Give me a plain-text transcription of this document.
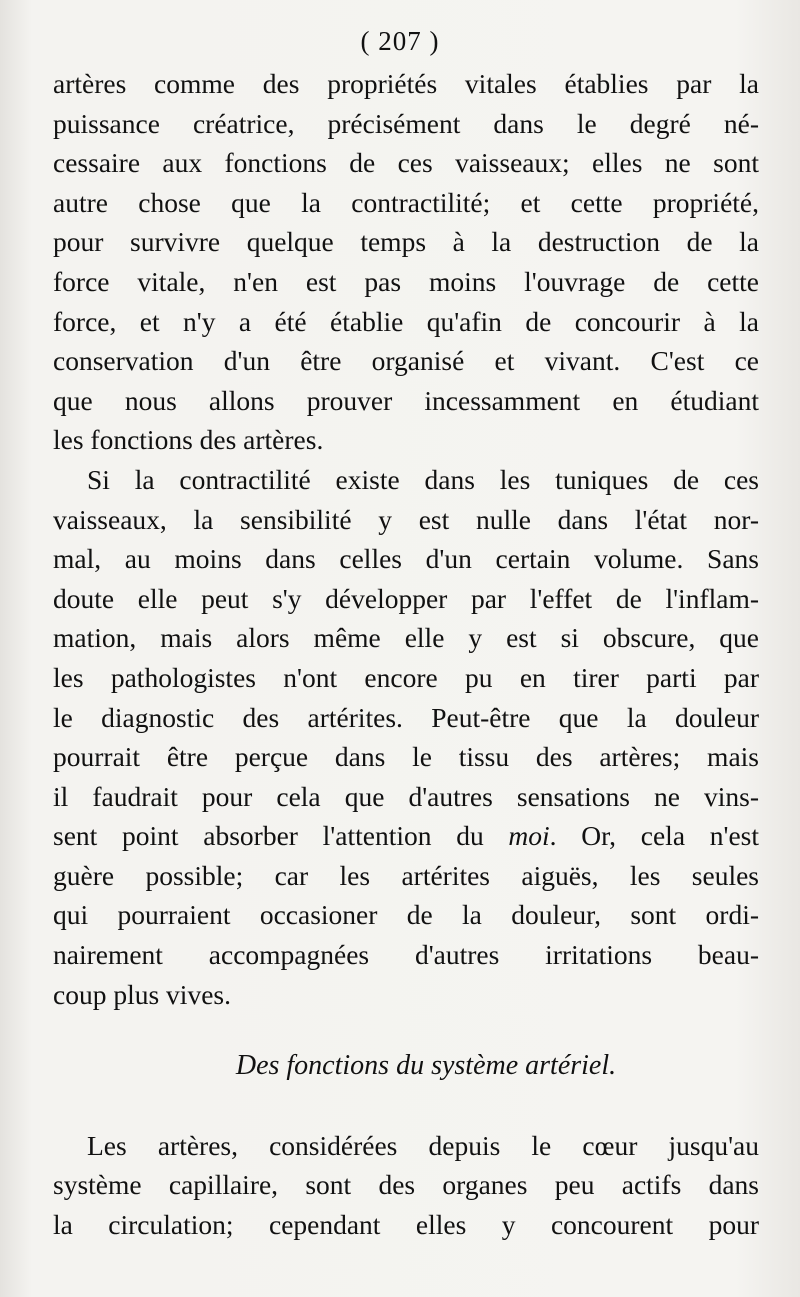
( 207 )
artères comme des propriétés vitales établies par la
puissance créatrice, précisément dans le degré né-
cessaire aux fonctions de ces vaisseaux; elles ne sont
autre chose que la contractilité; et cette propriété,
pour survivre quelque temps à la destruction de la
force vitale, n'en est pas moins l'ouvrage de cette
force, et n'y a été établie qu'afin de concourir à la
conservation d'un être organisé et vivant. C'est ce
que nous allons prouver incessamment en étudiant
les fonctions des artères.
Si la contractilité existe dans les tuniques de ces
vaisseaux, la sensibilité y est nulle dans l'état nor-
mal, au moins dans celles d'un certain volume. Sans
doute elle peut s'y développer par l'effet de l'inflam-
mation, mais alors même elle y est si obscure, que
les pathologistes n'ont encore pu en tirer parti par
le diagnostic des artérites. Peut-être que la douleur
pourrait être perçue dans le tissu des artères; mais
il faudrait pour cela que d'autres sensations ne vins-
sent point absorber l'attention du moi. Or, cela n'est
guère possible; car les artérites aiguës, les seules
qui pourraient occasioner de la douleur, sont ordi-
nairement accompagnées d'autres irritations beau-
coup plus vives.
Des fonctions du système artériel.
Les artères, considérées depuis le cœur jusqu'au
système capillaire, sont des organes peu actifs dans
la circulation; cependant elles y concourent pour
